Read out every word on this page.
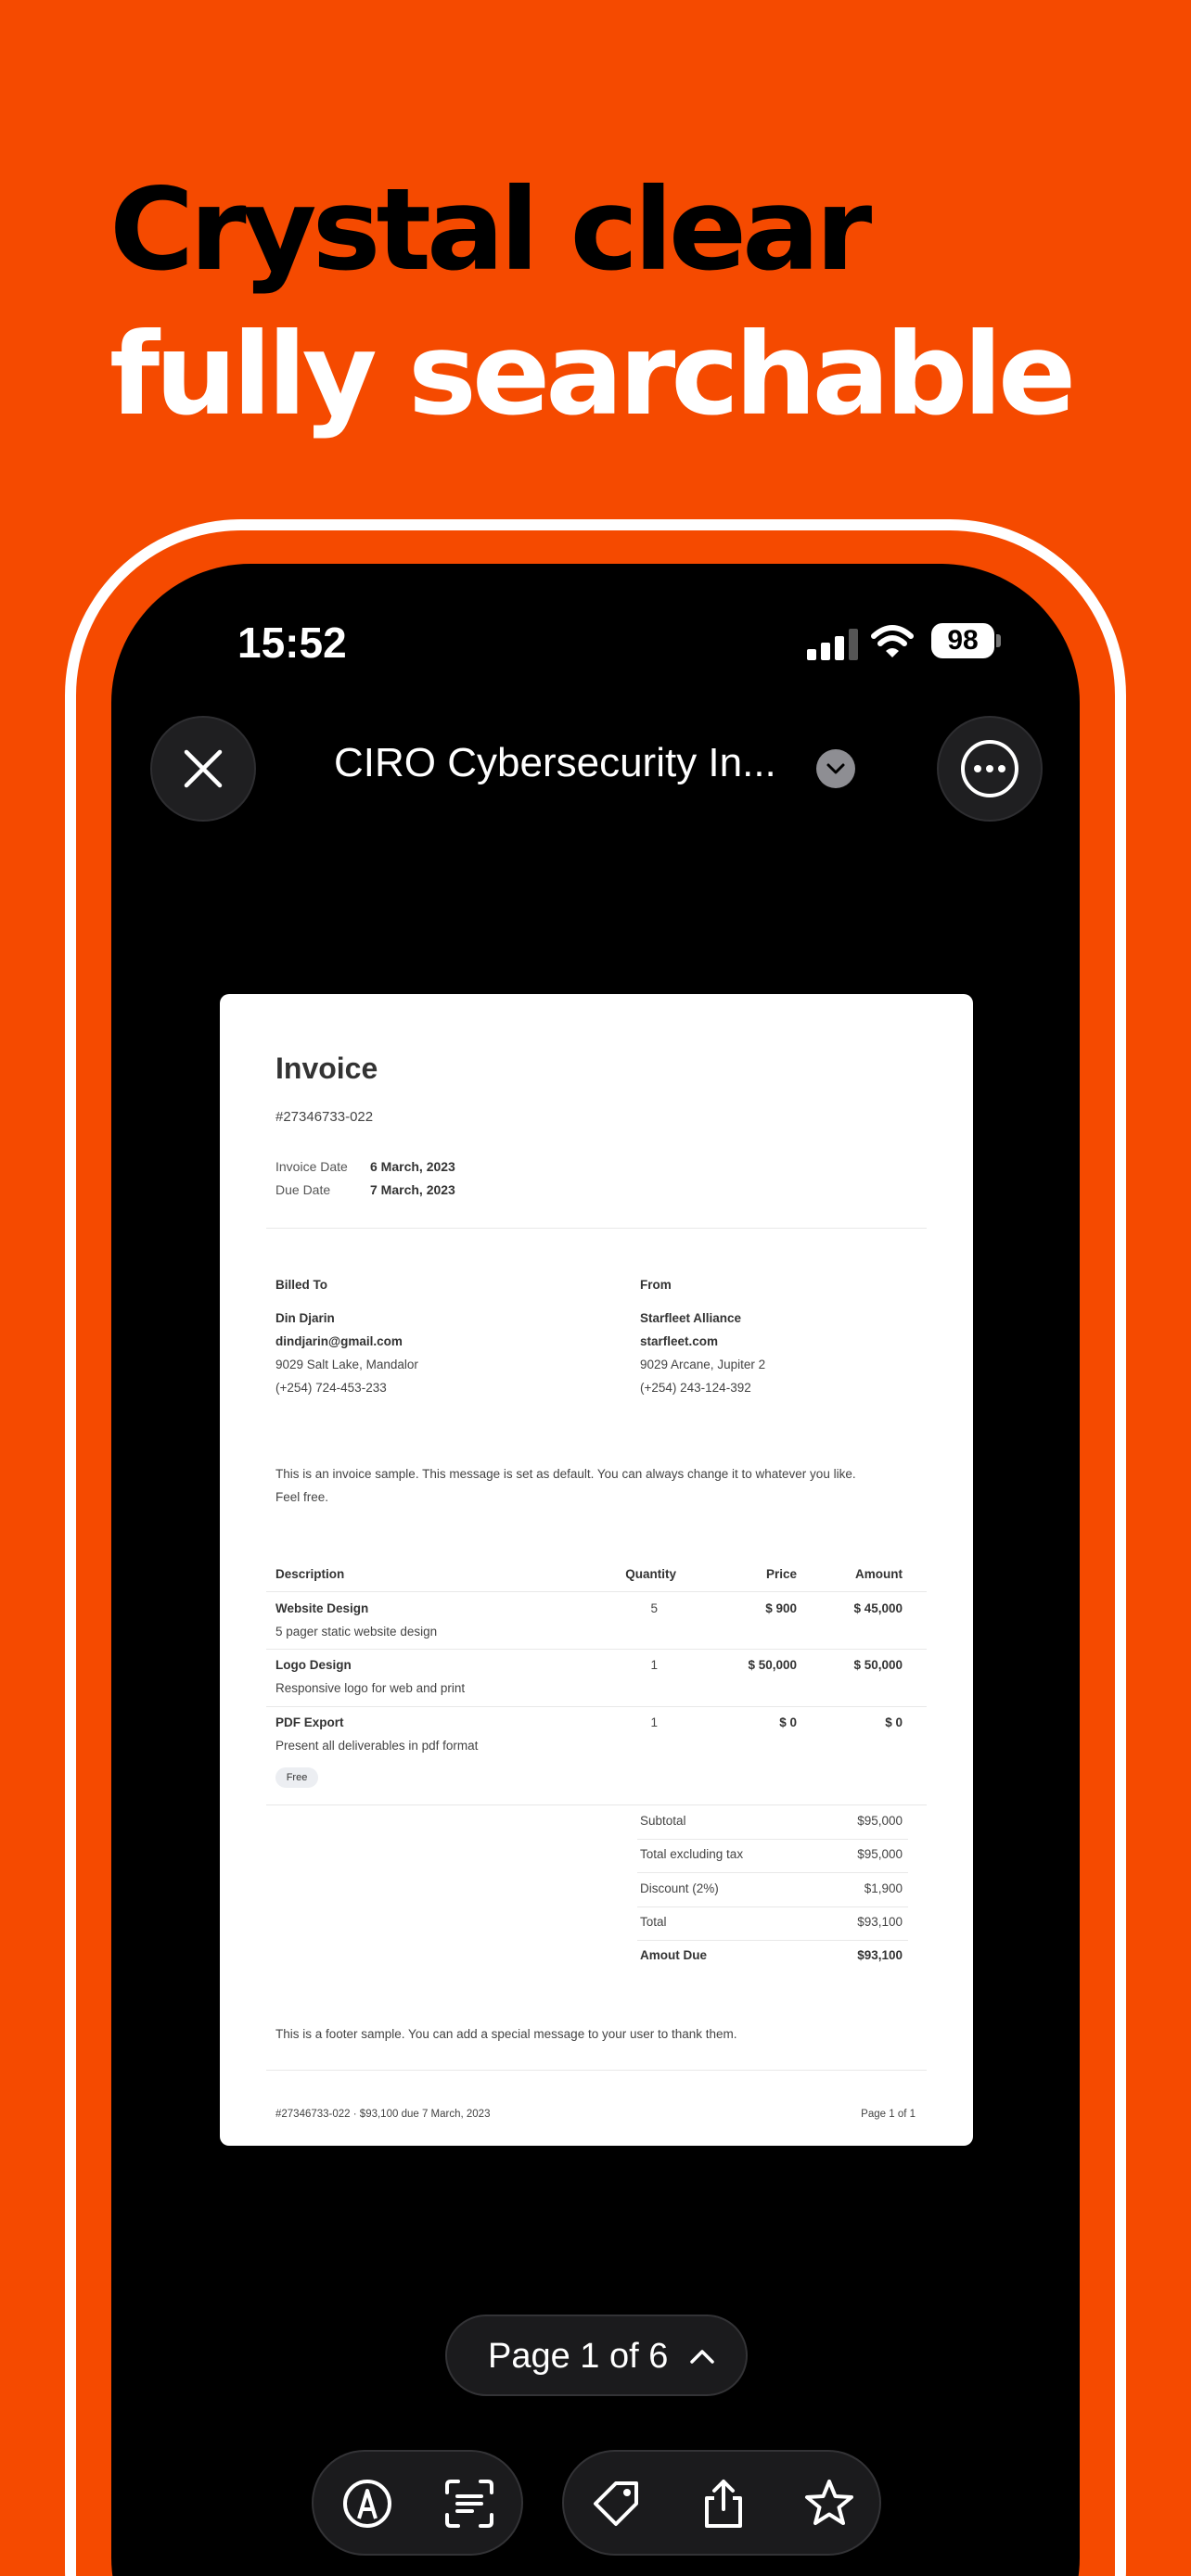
Crystal clear
fully searchable
15:52	98
CIRO Cybersecurity In...
Invoice
#27346733-022
Invoice Date 6 March, 2023
Due Date	7 March, 2023
Billed To
Din Djarin
dindjarin@gmail.com
9029 Salt Lake, Mandalor
(+254) 724-453-233
From
Starfleet Alliance
starfleet.com
9029 Arcane, Jupiter 2
(+254) 243-124-392
This is an invoice sample. This message is set as default. You can always change it to whatever you like.
Feel free.
Description	Quantity	Price	Amount
Website Design
5 pager static website design
5	$ 900	$ 45,000
Logo Design
Responsive logo for web and print
1	$ 50,000	$ 50,000
PDF Export
Present all deliverables in pdf format
1	$ 0	$ 0
Free
Subtotal	$95,000
Total excluding tax	$95,000
Discount (2%)	$1,900
Total	$93,100
Amout Due	$93,100
This is a footer sample. You can add a special message to your user to thank them.
#27346733-022 · $93,100 due 7 March, 2023	Page 1 of 1
Page 1 of 6
